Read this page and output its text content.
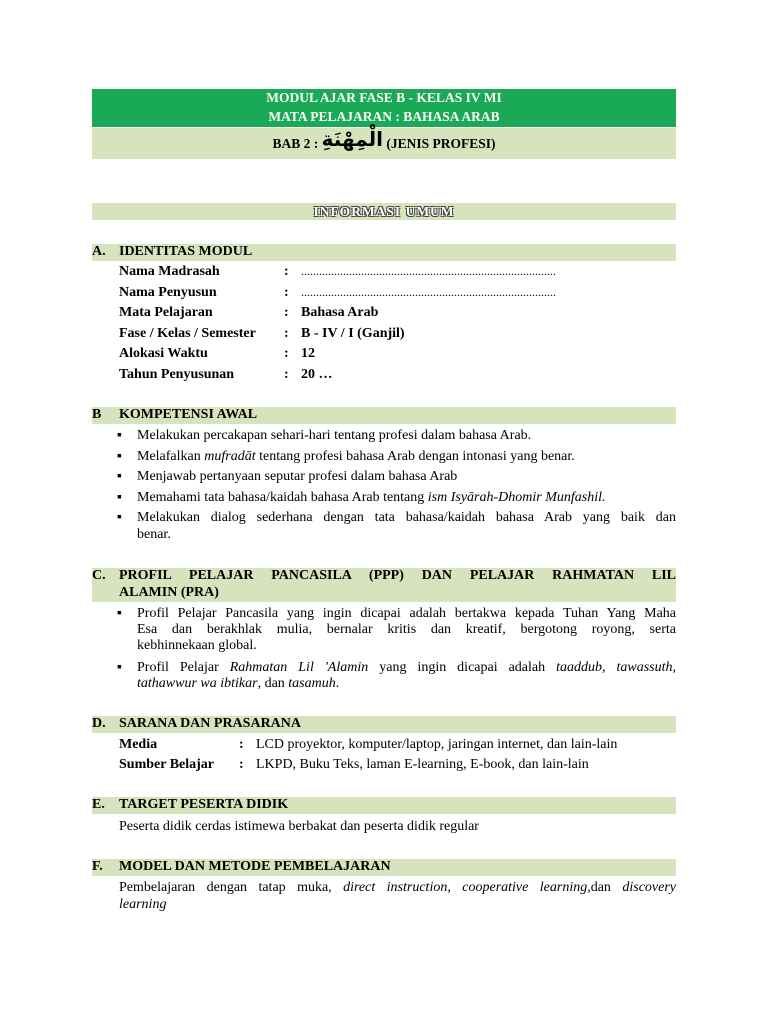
MODUL AJAR FASE B - KELAS IV MI
MATA PELAJARAN : BAHASA ARAB
BAB 2 : الْمِهْنَةِ (JENIS PROFESI)
INFORMASI UMUM
A. IDENTITAS MODUL
Nama Madrasah	: .....................................................................................
Nama Penyusun	: .....................................................................................
Mata Pelajaran	: Bahasa Arab
Fase / Kelas / Semester : B - IV / I (Ganjil)
Alokasi Waktu	: 12
Tahun Penyusunan	: 20 …
B KOMPETENSI AWAL
▪ Melakukan percakapan sehari-hari tentang profesi dalam bahasa Arab.
▪ Melafalkan mufradāt tentang profesi bahasa Arab dengan intonasi yang benar.
▪ Menjawab pertanyaan seputar profesi dalam bahasa Arab
▪ Memahami tata bahasa/kaidah bahasa Arab tentang ism Isyārah-Dhomir Munfashil.
▪ Melakukan dialog sederhana dengan tata bahasa/kaidah bahasa Arab yang baik dan
benar.
C. PROFIL PELAJAR PANCASILA (PPP) DAN PELAJAR RAHMATAN LIL
ALAMIN (PRA)
▪ Profil Pelajar Pancasila yang ingin dicapai adalah bertakwa kepada Tuhan Yang Maha
Esa dan berakhlak mulia, bernalar kritis dan kreatif, bergotong royong, serta
kebhinnekaan global.
▪ Profil Pelajar Rahmatan Lil 'Alamin yang ingin dicapai adalah taaddub, tawassuth,
tathawwur wa ibtikar, dan tasamuh.
D. SARANA DAN PRASARANA
Media	: LCD proyektor, komputer/laptop, jaringan internet, dan lain-lain
Sumber Belajar : LKPD, Buku Teks, laman E-learning, E-book, dan lain-lain
E. TARGET PESERTA DIDIK
Peserta didik cerdas istimewa berbakat dan peserta didik regular
F. MODEL DAN METODE PEMBELAJARAN
Pembelajaran dengan tatap muka, direct instruction, cooperative learning,dan discovery
learning
